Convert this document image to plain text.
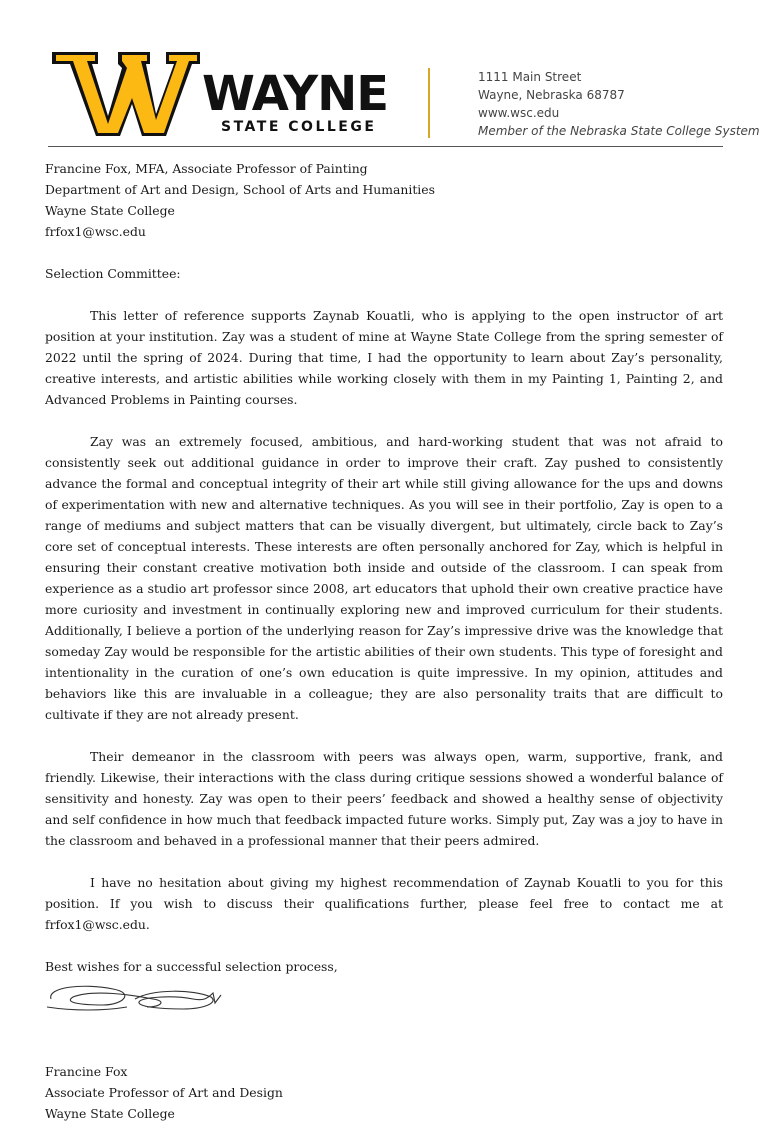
WAYNE
STATE COLLEGE
1111 Main Street
Wayne, Nebraska 68787
www.wsc.edu
Member of the Nebraska State College System
Francine Fox, MFA, Associate Professor of Painting
Department of Art and Design, School of Arts and Humanities
Wayne State College
frfox1@wsc.edu
Selection Committee:

This letter of reference supports Zaynab Kouatli, who is applying to the open instructor of art position at your institution. Zay was a student of mine at Wayne State College from the spring semester of 2022 until the spring of 2024. During that time, I had the opportunity to learn about Zay’s personality, creative interests, and artistic abilities while working closely with them in my Painting 1, Painting 2, and Advanced Problems in Painting courses.

Zay was an extremely focused, ambitious, and hard-working student that was not afraid to consistently seek out additional guidance in order to improve their craft. Zay pushed to consistently advance the formal and conceptual integrity of their art while still giving allowance for the ups and downs of experimentation with new and alternative techniques. As you will see in their portfolio, Zay is open to a range of mediums and subject matters that can be visually divergent, but ultimately, circle back to Zay’s core set of conceptual interests. These interests are often personally anchored for Zay, which is helpful in ensuring their constant creative motivation both inside and outside of the classroom. I can speak from experience as a studio art professor since 2008, art educators that uphold their own creative practice have more curiosity and investment in continually exploring new and improved curriculum for their students. Additionally, I believe a portion of the underlying reason for Zay’s impressive drive was the knowledge that someday Zay would be responsible for the artistic abilities of their own students. This type of foresight and intentionality in the curation of one’s own education is quite impressive. In my opinion, attitudes and behaviors like this are invaluable in a colleague; they are also personality traits that are difficult to cultivate if they are not already present.

Their demeanor in the classroom with peers was always open, warm, supportive, frank, and friendly. Likewise, their interactions with the class during critique sessions showed a wonderful balance of sensitivity and honesty. Zay was open to their peers’ feedback and showed a healthy sense of objectivity and self confidence in how much that feedback impacted future works. Simply put, Zay was a joy to have in the classroom and behaved in a professional manner that their peers admired.

I have no hesitation about giving my highest recommendation of Zaynab Kouatli to you for this position. If you wish to discuss their qualifications further, please feel free to contact me at frfox1@wsc.edu.

Best wishes for a successful selection process,
Francine Fox
Associate Professor of Art and Design
Wayne State College
